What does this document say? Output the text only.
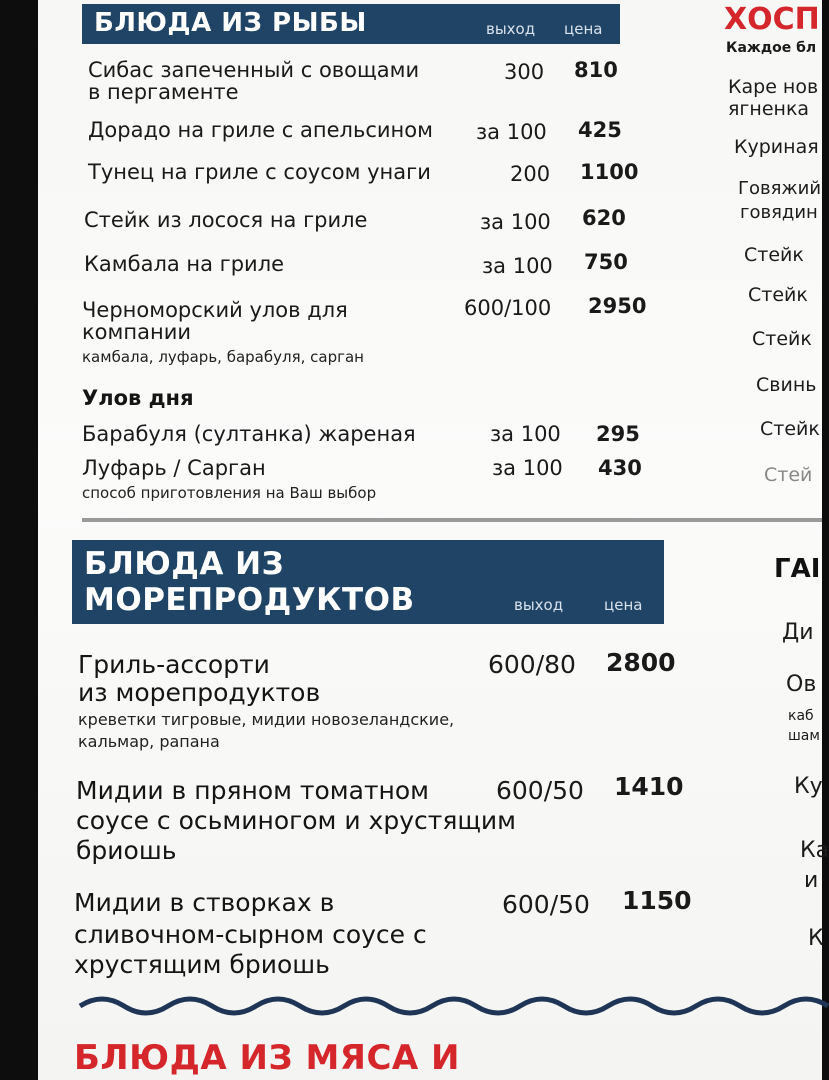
БЛЮДА ИЗ РЫБЫ	выход цена
Сибас запеченный с овощами
в пергаменте
300 810
Дорадо на гриле с апельсином за 100 425
Тунец на гриле с соусом унаги	200 1100
Стейк из лосося на гриле	за 100 620
Камбала на гриле	за 100 750
Черноморский улов для
компании
камбала, луфарь, барабуля, сарган
600/100 2950
Улов дня
Барабуля (султанка) жареная	за 100 295
Луфарь / Сарган
способ приготовления на Ваш выбор
за 100 430
БЛЮДА ИЗ
МОРЕПРОДУКТОВ	выход	цена
Гриль-ассорти
из морепродуктов
креветки тигровые, мидии новозеландские,
кальмар, рапана
600/80 2800
Мидии в пряном томатном
соусе с осьминогом и хрустящим
бриошь
600/50 1410
Мидии в створках в
сливочном-сырном соусе с
хрустящим бриошь
600/50 1150
БЛЮДА ИЗ МЯСА И
ХОСП
Каждое бл
Каре нов
ягненка
Куриная
Говяжий
говядин
Стейк
Стейк
Стейк
Свинь
Стейк
Стей
ГАІ
Ди
Ов
каб
шам
Ку
Ка
и
К
